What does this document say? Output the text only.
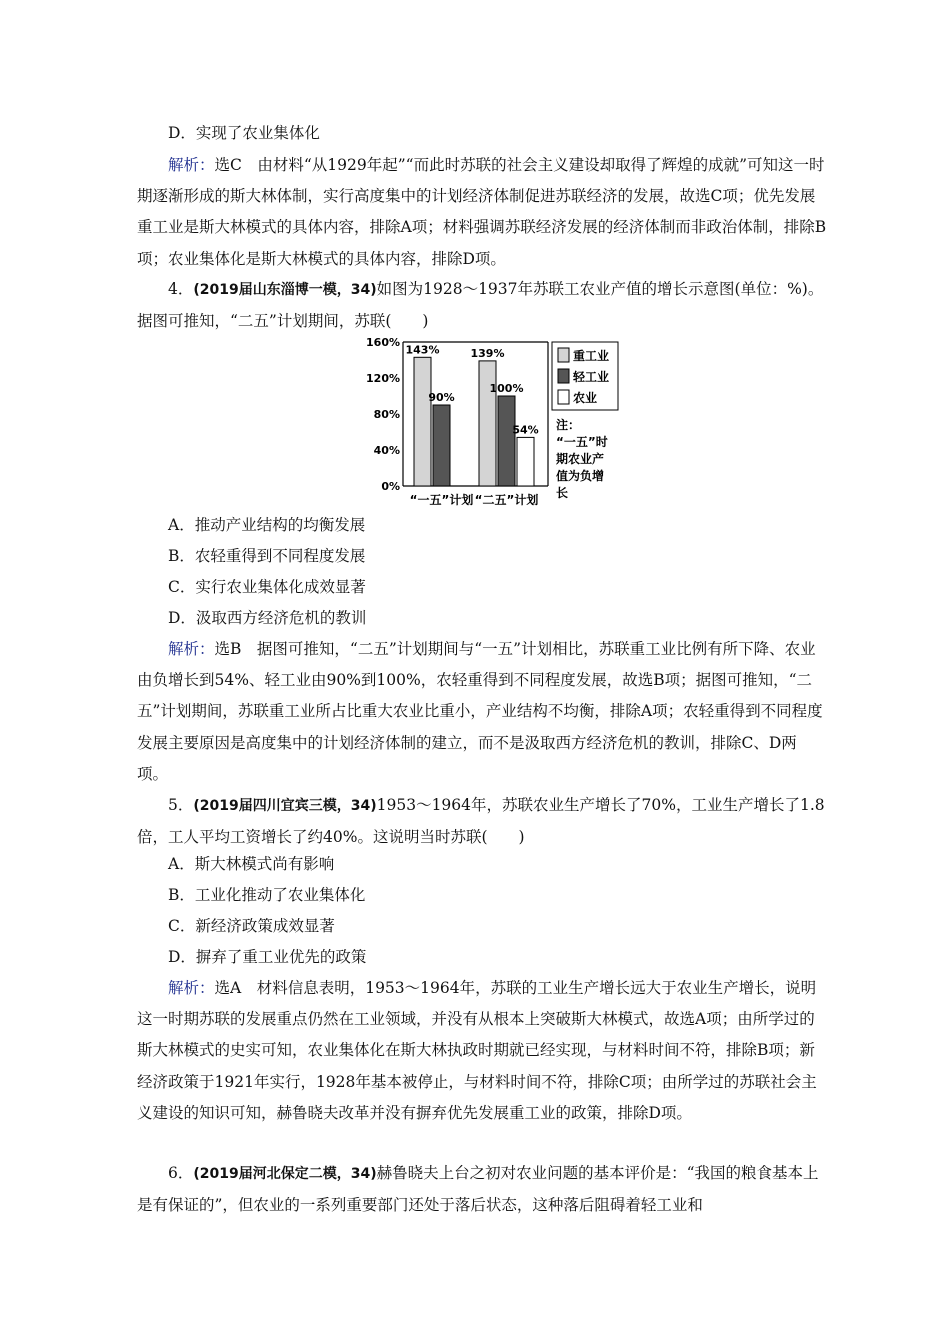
D．实现了农业集体化

解析：选C　由材料“从1929年起”“而此时苏联的社会主义建设却取得了辉煌的成就”可知这一时期逐渐形成的斯大林体制，实行高度集中的计划经济体制促进苏联经济的发展，故选C项；优先发展重工业是斯大林模式的具体内容，排除A项；材料强调苏联经济发展的经济体制而非政治体制，排除B项；农业集体化是斯大林模式的具体内容，排除D项。

4．(2019届山东淄博一模，34)如图为1928～1937年苏联工农业产值的增长示意图(单位：%)。据图可推知，“二五”计划期间，苏联(　　)

160%
120%
80%
40%
0%
143%
90%
139%
100%
54%
“一五”计划 “二五”计划
重工业
轻工业
农业
注：
“一五”时
期农业产
值为负增
长
A．推动产业结构的均衡发展
B．农轻重得到不同程度发展
C．实行农业集体化成效显著
D．汲取西方经济危机的教训

解析：选B　据图可推知，“二五”计划期间与“一五”计划相比，苏联重工业比例有所下降、农业由负增长到54%、轻工业由90%到100%，农轻重得到不同程度发展，故选B项；据图可推知，“二五”计划期间，苏联重工业所占比重大农业比重小，产业结构不均衡，排除A项；农轻重得到不同程度发展主要原因是高度集中的计划经济体制的建立，而不是汲取西方经济危机的教训，排除C、D两项。

5．(2019届四川宜宾三模，34)1953～1964年，苏联农业生产增长了70%，工业生产增长了1.8倍，工人平均工资增长了约40%。这说明当时苏联(　　)

A．斯大林模式尚有影响
B．工业化推动了农业集体化
C．新经济政策成效显著
D．摒弃了重工业优先的政策

解析：选A　材料信息表明，1953～1964年，苏联的工业生产增长远大于农业生产增长，说明这一时期苏联的发展重点仍然在工业领域，并没有从根本上突破斯大林模式，故选A项；由所学过的斯大林模式的史实可知，农业集体化在斯大林执政时期就已经实现，与材料时间不符，排除B项；新经济政策于1921年实行，1928年基本被停止，与材料时间不符，排除C项；由所学过的苏联社会主义建设的知识可知，赫鲁晓夫改革并没有摒弃优先发展重工业的政策，排除D项。

6．(2019届河北保定二模，34)赫鲁晓夫上台之初对农业问题的基本评价是：“我国的粮食基本上是有保证的”，但农业的一系列重要部门还处于落后状态，这种落后阻碍着轻工业和
